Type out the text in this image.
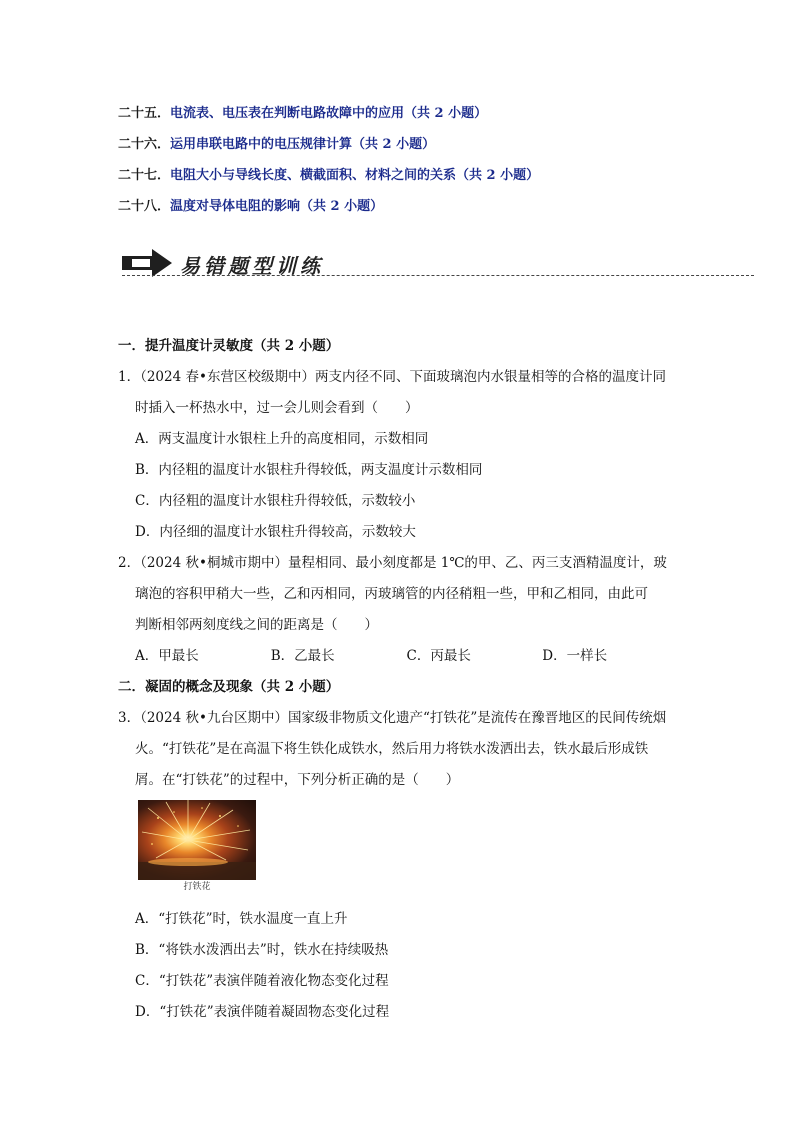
二十五．电流表、电压表在判断电路故障中的应用（共 2 小题）
二十六．运用串联电路中的电压规律计算（共 2 小题）
二十七．电阻大小与导线长度、横截面积、材料之间的关系（共 2 小题）
二十八．温度对导体电阻的影响（共 2 小题）
易错题型训练
一．提升温度计灵敏度（共 2 小题）
1．（2024 春•东营区校级期中）两支内径不同、下面玻璃泡内水银量相等的合格的温度计同
时插入一杯热水中，过一会儿则会看到（　　）
A．两支温度计水银柱上升的高度相同，示数相同
B．内径粗的温度计水银柱升得较低，两支温度计示数相同
C．内径粗的温度计水银柱升得较低，示数较小
D．内径细的温度计水银柱升得较高，示数较大
2．（2024 秋•桐城市期中）量程相同、最小刻度都是 1℃的甲、乙、丙三支酒精温度计，玻
璃泡的容积甲稍大一些，乙和丙相同，丙玻璃管的内径稍粗一些，甲和乙相同，由此可
判断相邻两刻度线之间的距离是（　　）
A．甲最长	B．乙最长	C．丙最长	D．一样长
二．凝固的概念及现象（共 2 小题）
3．（2024 秋•九台区期中）国家级非物质文化遗产“打铁花”是流传在豫晋地区的民间传统烟
火。“打铁花”是在高温下将生铁化成铁水，然后用力将铁水泼洒出去，铁水最后形成铁
屑。在“打铁花”的过程中，下列分析正确的是（　　）
打铁花
A．“打铁花”时，铁水温度一直上升
B．“将铁水泼洒出去”时，铁水在持续吸热
C．“打铁花”表演伴随着液化物态变化过程
D．“打铁花”表演伴随着凝固物态变化过程
